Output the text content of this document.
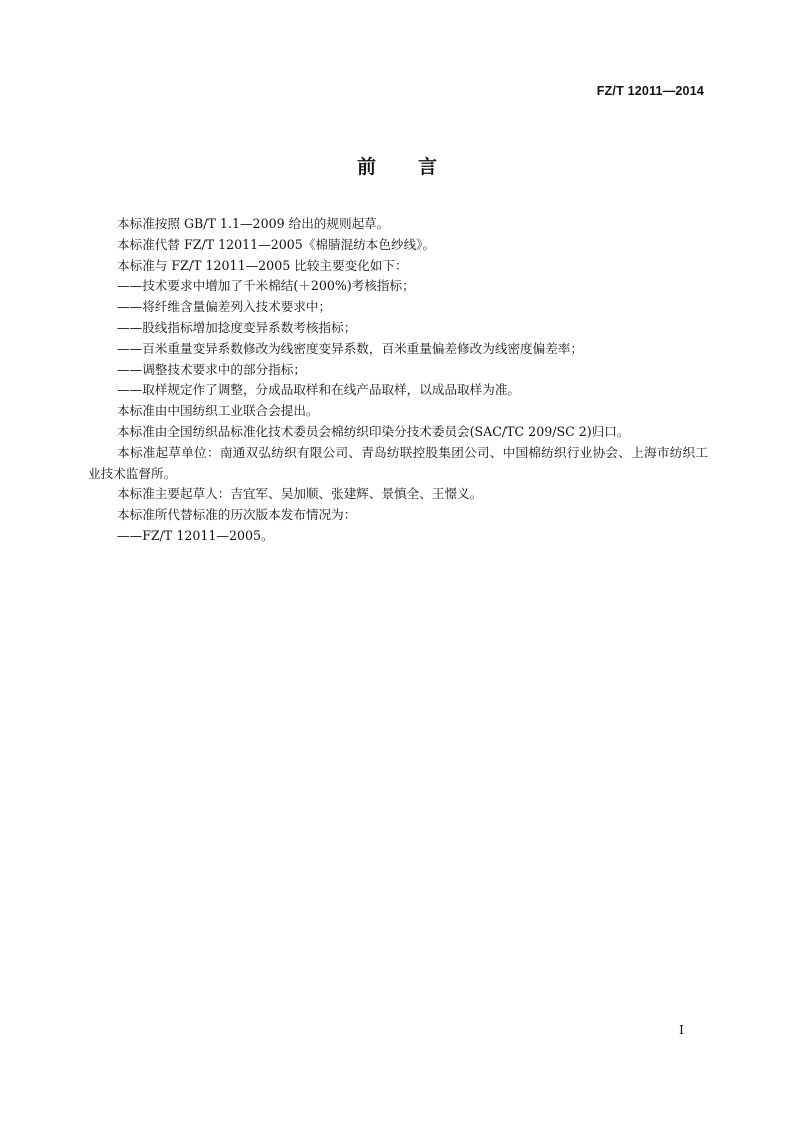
FZ/T 12011—2014
前 言

本标准按照 GB/T 1.1—2009 给出的规则起草。

本标准代替 FZ/T 12011—2005《棉腈混纺本色纱线》。

本标准与 FZ/T 12011—2005 比较主要变化如下：

——技术要求中增加了千米棉结(＋200%)考核指标；

——将纤维含量偏差列入技术要求中；

——股线指标增加捻度变异系数考核指标；

——百米重量变异系数修改为线密度变异系数，百米重量偏差修改为线密度偏差率；

——调整技术要求中的部分指标；

——取样规定作了调整，分成品取样和在线产品取样，以成品取样为准。

本标准由中国纺织工业联合会提出。

本标准由全国纺织品标准化技术委员会棉纺织印染分技术委员会(SAC/TC 209/SC 2)归口。

本标准起草单位：南通双弘纺织有限公司、青岛纺联控股集团公司、中国棉纺织行业协会、上海市纺织工业技术监督所。

本标准主要起草人：吉宜军、吴加顺、张建辉、景慎全、王憬义。

本标准所代替标准的历次版本发布情况为：

——FZ/T 12011—2005。

I
